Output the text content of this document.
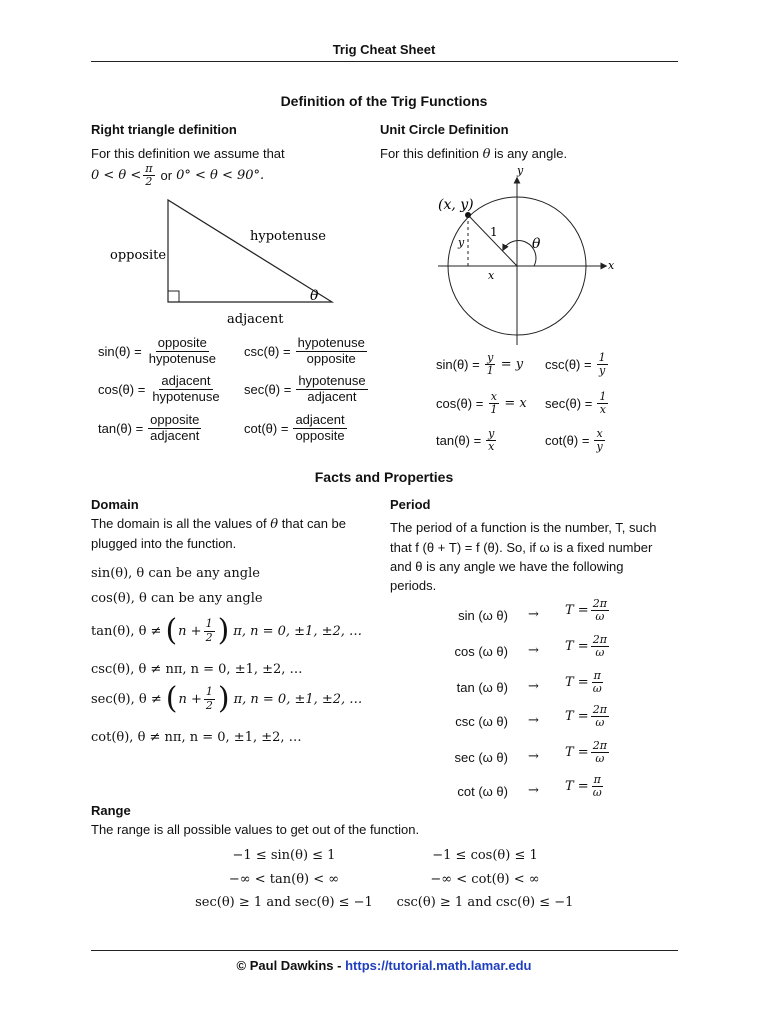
Trig Cheat Sheet
Definition of the Trig Functions
Right triangle definition
For this definition we assume that
$0 < \theta < \frac{\pi}{2}$ or 0° < θ < 90°.
opposite
hypotenuse
adjacent
θ
$\sin(\theta) = \frac{\text{opposite}}{\text{hypotenuse}} \csc(\theta) = \frac{\text{hypotenuse}}{\text{opposite}}$
$\cos(\theta) = \frac{\text{adjacent}}{\text{hypotenuse}} \sec(\theta) = \frac{\text{hypotenuse}}{\text{adjacent}}$
$\tan(\theta) = \frac{\text{opposite}}{\text{adjacent}}$	$\cot(\theta) = \frac{\text{adjacent}}{\text{opposite}}$
Unit Circle Definition
For this definition θ is any angle.
(x, y)
y
x
x
y
1
θ
$\sin(\theta) = \frac{y}{1} = y$ $\csc(\theta) = \frac{1}{y}$
$\cos(\theta) = \frac{x}{1} = x$ $\sec(\theta) = \frac{1}{x}$
$\tan(\theta) = \frac{y}{x}$	$\cot(\theta) = \frac{x}{y}$
Facts and Properties
Domain
The domain is all the values of θ that can be
plugged into the function.
sin(θ), θ can be any angle
cos(θ), θ can be any angle
tan(θ), θ ≠ ( $n + \frac{1}{2}$ ) π, n = 0, ±1, ±2, …
csc(θ), θ ≠ nπ, n = 0, ±1, ±2, …
sec(θ), θ ≠ ( $n + \frac{1}{2}$ ) π, n = 0, ±1, ±2, …
cot(θ), θ ≠ nπ, n = 0, ±1, ±2, …
Period
The period of a function is the number, T, such
that f (θ + T) = f (θ). So, if ω is a fixed number
and θ is any angle we have the following
periods.
sin (ω $\theta) \to T = \frac{2\pi}{\omega}$
cos (ω $\theta) \to T = \frac{2\pi}{\omega}$
tan (ω $\theta) \to T = \frac{\pi}{\omega}$
csc (ω $\theta) \to T = \frac{2\pi}{\omega}$
sec (ω $\theta) \to T = \frac{2\pi}{\omega}$
cot (ω $\theta) \to T = \frac{\pi}{\omega}$
Range
The range is all possible values to get out of the function.
−1 ≤ sin(θ) ≤ 1	−1 ≤ cos(θ) ≤ 1
−∞ < tan(θ) < ∞	−∞ < cot(θ) < ∞
sec(θ) ≥ 1 and sec(θ) ≤ −1	csc(θ) ≥ 1 and csc(θ) ≤ −1
© Paul Dawkins - https://tutorial.math.lamar.edu
